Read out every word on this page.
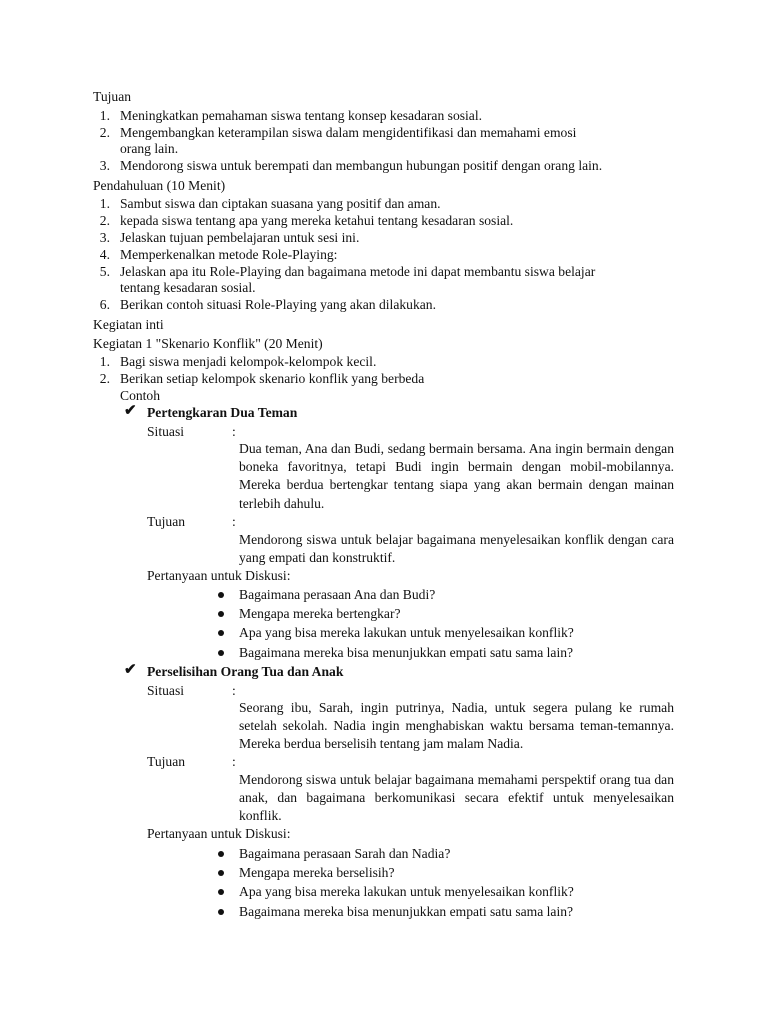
Tujuan
1. Meningkatkan pemahaman siswa tentang konsep kesadaran sosial.
2. Mengembangkan keterampilan siswa dalam mengidentifikasi dan memahami emosi
orang lain.
3. Mendorong siswa untuk berempati dan membangun hubungan positif dengan orang lain.
Pendahuluan (10 Menit)
1. Sambut siswa dan ciptakan suasana yang positif dan aman.
2. kepada siswa tentang apa yang mereka ketahui tentang kesadaran sosial.
3. Jelaskan tujuan pembelajaran untuk sesi ini.
4. Memperkenalkan metode Role-Playing:
5. Jelaskan apa itu Role-Playing dan bagaimana metode ini dapat membantu siswa belajar
tentang kesadaran sosial.
6. Berikan contoh situasi Role-Playing yang akan dilakukan.
Kegiatan inti
Kegiatan 1 "Skenario Konflik" (20 Menit)
1. Bagi siswa menjadi kelompok-kelompok kecil.
2. Berikan setiap kelompok skenario konflik yang berbeda
Contoh
✔ Pertengkaran Dua Teman
Situasi	:
Dua teman, Ana dan Budi, sedang bermain bersama. Ana ingin bermain dengan boneka favoritnya, tetapi Budi ingin bermain dengan mobil-mobilannya. Mereka berdua bertengkar tentang siapa yang akan bermain dengan mainan terlebih dahulu.
Tujuan	:
Mendorong siswa untuk belajar bagaimana menyelesaikan konflik dengan cara yang empati dan konstruktif.
Pertanyaan untuk Diskusi:
Bagaimana perasaan Ana dan Budi?
Mengapa mereka bertengkar?
Apa yang bisa mereka lakukan untuk menyelesaikan konflik?
Bagaimana mereka bisa menunjukkan empati satu sama lain?
✔ Perselisihan Orang Tua dan Anak
Situasi	:
Seorang ibu, Sarah, ingin putrinya, Nadia, untuk segera pulang ke rumah setelah sekolah. Nadia ingin menghabiskan waktu bersama teman-temannya. Mereka berdua berselisih tentang jam malam Nadia.
Tujuan	:
Mendorong siswa untuk belajar bagaimana memahami perspektif orang tua dan anak, dan bagaimana berkomunikasi secara efektif untuk menyelesaikan konflik.
Pertanyaan untuk Diskusi:
Bagaimana perasaan Sarah dan Nadia?
Mengapa mereka berselisih?
Apa yang bisa mereka lakukan untuk menyelesaikan konflik?
Bagaimana mereka bisa menunjukkan empati satu sama lain?
